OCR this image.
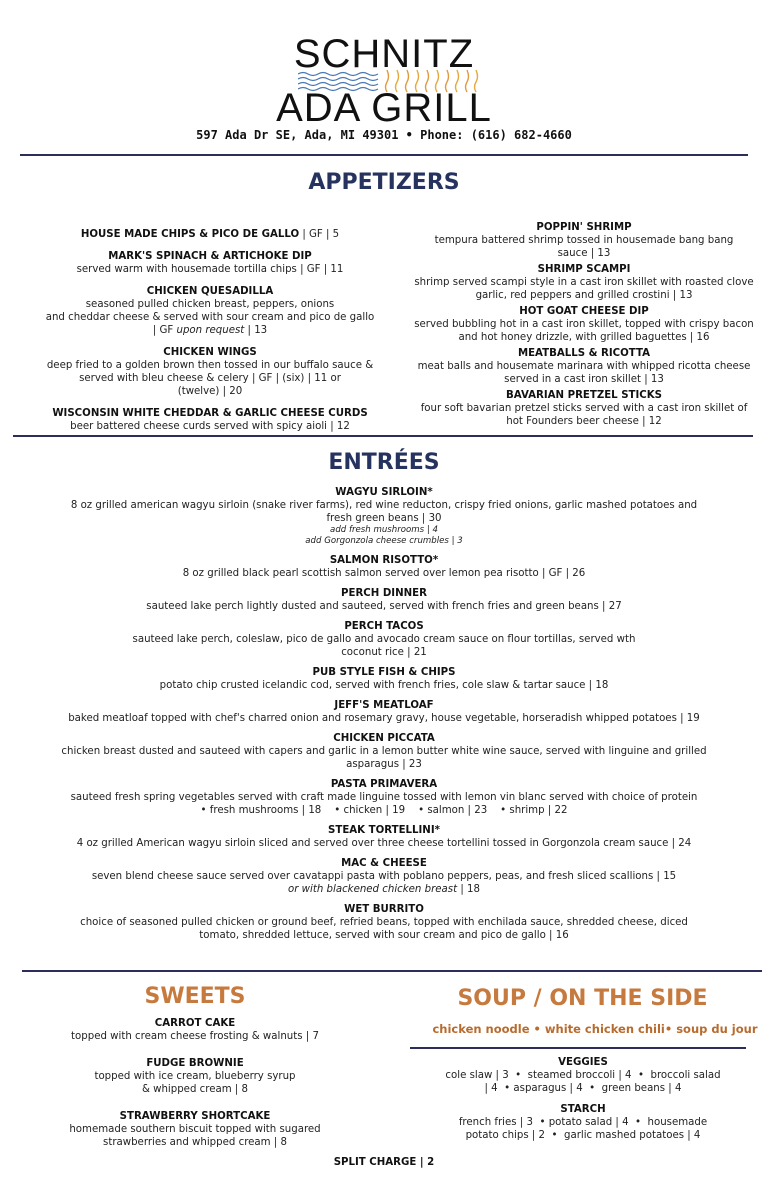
SCHNITZ
ADA GRILL
597 Ada Dr SE, Ada, MI 49301 • Phone: (616) 682-4660
APPETIZERS
HOUSE MADE CHIPS & PICO DE GALLO | GF | 5
MARK'S SPINACH & ARTICHOKE DIP
served warm with housemade tortilla chips | GF | 11
CHICKEN QUESADILLA
seasoned pulled chicken breast, peppers, onions
and cheddar cheese & served with sour cream and pico de gallo
| GF upon request | 13
CHICKEN WINGS
deep fried to a golden brown then tossed in our buffalo sauce &
served with bleu cheese & celery | GF | (six) | 11 or
(twelve) | 20
WISCONSIN WHITE CHEDDAR & GARLIC CHEESE CURDS
beer battered cheese curds served with spicy aioli | 12
POPPIN' SHRIMP
tempura battered shrimp tossed in housemade bang bang
sauce | 13
SHRIMP SCAMPI
shrimp served scampi style in a cast iron skillet with roasted clove
garlic, red peppers and grilled crostini | 13
HOT GOAT CHEESE DIP
served bubbling hot in a cast iron skillet, topped with crispy bacon
and hot honey drizzle, with grilled baguettes | 16
MEATBALLS & RICOTTA
meat balls and housemate marinara with whipped ricotta cheese
served in a cast iron skillet | 13
BAVARIAN PRETZEL STICKS
four soft bavarian pretzel sticks served with a cast iron skillet of
hot Founders beer cheese | 12
ENTRÉES
WAGYU SIRLOIN*
8 oz grilled american wagyu sirloin (snake river farms), red wine reducton, crispy fried onions, garlic mashed potatoes and
fresh green beans | 30
add fresh mushrooms | 4
add Gorgonzola cheese crumbles | 3
SALMON RISOTTO*
8 oz grilled black pearl scottish salmon served over lemon pea risotto | GF | 26
PERCH DINNER
sauteed lake perch lightly dusted and sauteed, served with french fries and green beans | 27
PERCH TACOS
sauteed lake perch, coleslaw, pico de gallo and avocado cream sauce on flour tortillas, served wth
coconut rice | 21
PUB STYLE FISH & CHIPS
potato chip crusted icelandic cod, served with french fries, cole slaw & tartar sauce | 18
JEFF'S MEATLOAF
baked meatloaf topped with chef's charred onion and rosemary gravy, house vegetable, horseradish whipped potatoes | 19
CHICKEN PICCATA
chicken breast dusted and sauteed with capers and garlic in a lemon butter white wine sauce, served with linguine and grilled
asparagus | 23
PASTA PRIMAVERA
sauteed fresh spring vegetables served with craft made linguine tossed with lemon vin blanc served with choice of protein
• fresh mushrooms | 18    • chicken | 19    • salmon | 23    • shrimp | 22
STEAK TORTELLINI*
4 oz grilled American wagyu sirloin sliced and served over three cheese tortellini tossed in Gorgonzola cream sauce | 24
MAC & CHEESE
seven blend cheese sauce served over cavatappi pasta with poblano peppers, peas, and fresh sliced scallions | 15
or with blackened chicken breast | 18
WET BURRITO
choice of seasoned pulled chicken or ground beef, refried beans, topped with enchilada sauce, shredded cheese, diced
tomato, shredded lettuce, served with sour cream and pico de gallo | 16
SWEETS
CARROT CAKE
topped with cream cheese frosting & walnuts | 7
FUDGE BROWNIE
topped with ice cream, blueberry syrup
& whipped cream | 8
STRAWBERRY SHORTCAKE
homemade southern biscuit topped with sugared
strawberries and whipped cream | 8
SOUP / ON THE SIDE
chicken noodle • white chicken chili• soup du jour
VEGGIES
cole slaw | 3  •  steamed broccoli | 4  •  broccoli salad
| 4  • asparagus | 4  •  green beans | 4
STARCH
french fries | 3  • potato salad | 4  •  housemade
potato chips | 2  •  garlic mashed potatoes | 4
SPLIT CHARGE | 2
